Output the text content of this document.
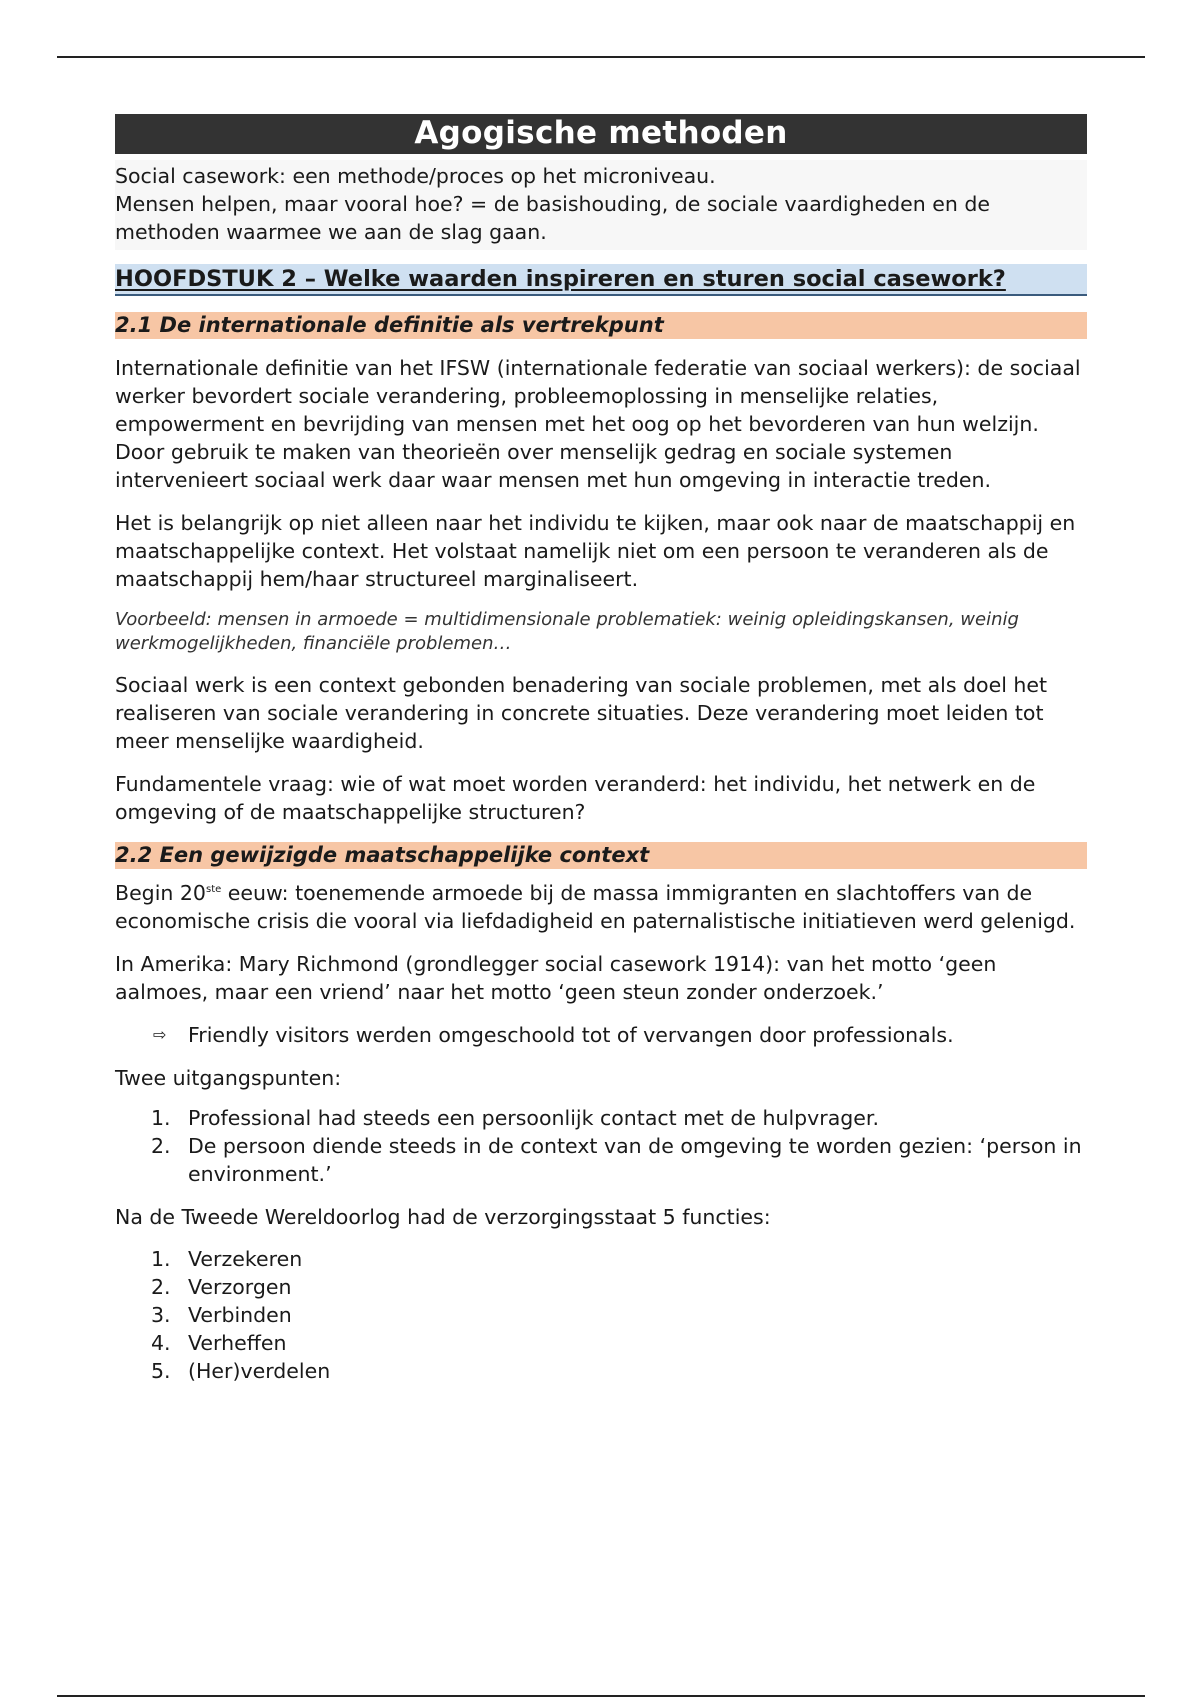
Agogische methoden

Social casework: een methode/proces op het microniveau.

Mensen helpen, maar vooral hoe? = de basishouding, de sociale vaardigheden en de methoden waarmee we aan de slag gaan.

HOOFDSTUK 2 – Welke waarden inspireren en sturen social casework?
2.1 De internationale definitie als vertrekpunt

Internationale definitie van het IFSW (internationale federatie van sociaal werkers): de sociaal werker bevordert sociale verandering, probleemoplossing in menselijke relaties, empowerment en bevrijding van mensen met het oog op het bevorderen van hun welzijn. Door gebruik te maken van theorieën over menselijk gedrag en sociale systemen intervenieert sociaal werk daar waar mensen met hun omgeving in interactie treden.

Het is belangrijk op niet alleen naar het individu te kijken, maar ook naar de maatschappij en maatschappelijke context. Het volstaat namelijk niet om een persoon te veranderen als de maatschappij hem/haar structureel marginaliseert.

Voorbeeld: mensen in armoede = multidimensionale problematiek: weinig opleidingskansen, weinig werkmogelijkheden, financiële problemen…

Sociaal werk is een context gebonden benadering van sociale problemen, met als doel het realiseren van sociale verandering in concrete situaties. Deze verandering moet leiden tot meer menselijke waardigheid.

Fundamentele vraag: wie of wat moet worden veranderd: het individu, het netwerk en de omgeving of de maatschappelijke structuren?

2.2 Een gewijzigde maatschappelijke context

Begin 20ste eeuw: toenemende armoede bij de massa immigranten en slachtoffers van de economische crisis die vooral via liefdadigheid en paternalistische initiatieven werd gelenigd.

In Amerika: Mary Richmond (grondlegger social casework 1914): van het motto ‘geen aalmoes, maar een vriend’ naar het motto ‘geen steun zonder onderzoek.’

⇨ Friendly visitors werden omgeschoold tot of vervangen door professionals.

Twee uitgangspunten:

1. Professional had steeds een persoonlijk contact met de hulpvrager.
2. De persoon diende steeds in de context van de omgeving te worden gezien: ‘person in environment.’

Na de Tweede Wereldoorlog had de verzorgingsstaat 5 functies:

1. Verzekeren
2. Verzorgen
3. Verbinden
4. Verheffen
5. (Her)verdelen
